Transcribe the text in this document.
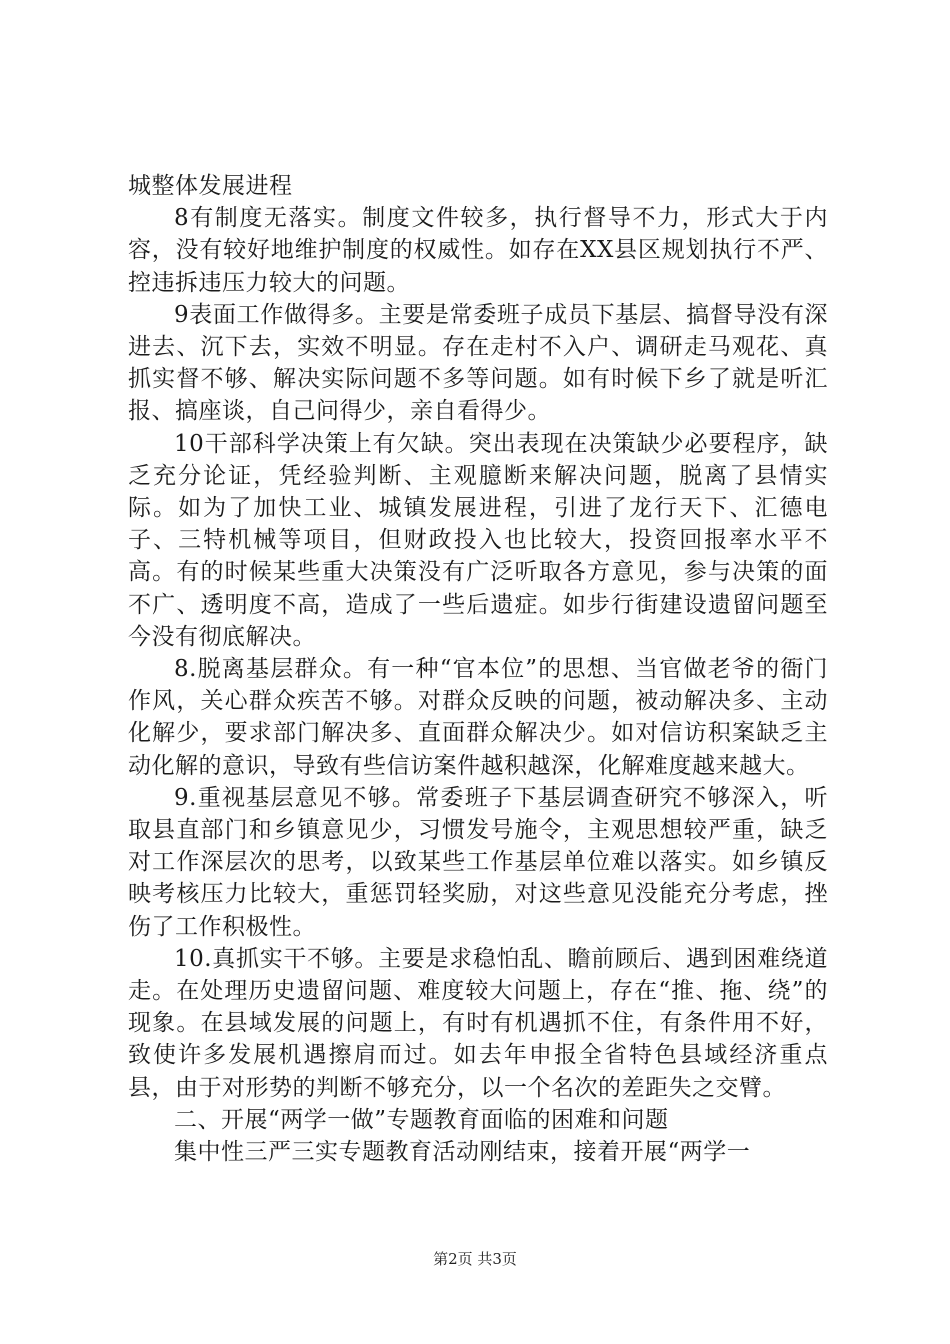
城整体发展进程

8有制度无落实。制度文件较多，执行督导不力，形式大于内容，没有较好地维护制度的权威性。如存在XX县区规划执行不严、控违拆违压力较大的问题。

9表面工作做得多。主要是常委班子成员下基层、搞督导没有深进去、沉下去，实效不明显。存在走村不入户、调研走马观花、真抓实督不够、解决实际问题不多等问题。如有时候下乡了就是听汇报、搞座谈，自己问得少，亲自看得少。

10干部科学决策上有欠缺。突出表现在决策缺少必要程序，缺乏充分论证，凭经验判断、主观臆断来解决问题，脱离了县情实际。如为了加快工业、城镇发展进程，引进了龙行天下、汇德电子、三特机械等项目，但财政投入也比较大，投资回报率水平不高。有的时候某些重大决策没有广泛听取各方意见，参与决策的面不广、透明度不高，造成了一些后遗症。如步行街建设遗留问题至今没有彻底解决。

8.脱离基层群众。有一种“官本位”的思想、当官做老爷的衙门作风，关心群众疾苦不够。对群众反映的问题，被动解决多、主动化解少，要求部门解决多、直面群众解决少。如对信访积案缺乏主动化解的意识，导致有些信访案件越积越深，化解难度越来越大。

9.重视基层意见不够。常委班子下基层调查研究不够深入，听取县直部门和乡镇意见少，习惯发号施令，主观思想较严重，缺乏对工作深层次的思考，以致某些工作基层单位难以落实。如乡镇反映考核压力比较大，重惩罚轻奖励，对这些意见没能充分考虑，挫伤了工作积极性。

10.真抓实干不够。主要是求稳怕乱、瞻前顾后、遇到困难绕道走。在处理历史遗留问题、难度较大问题上，存在“推、拖、绕”的现象。在县域发展的问题上，有时有机遇抓不住，有条件用不好，致使许多发展机遇擦肩而过。如去年申报全省特色县域经济重点县，由于对形势的判断不够充分，以一个名次的差距失之交臂。

二、开展“两学一做”专题教育面临的困难和问题

集中性三严三实专题教育活动刚结束，接着开展“两学一

第2页 共3页
